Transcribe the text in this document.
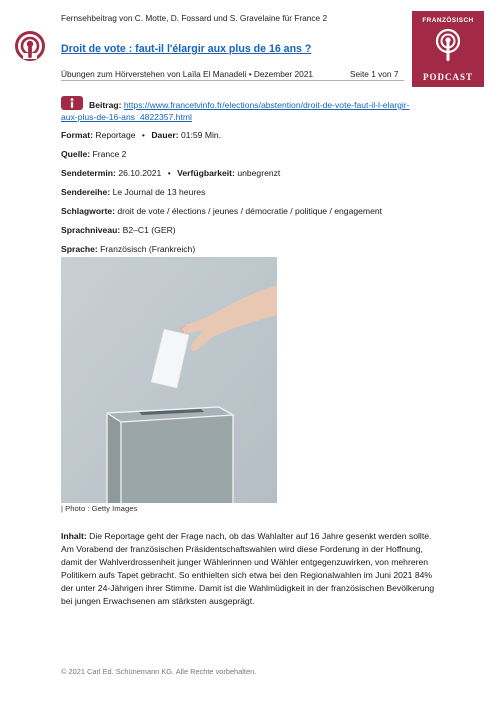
Fernsehbeitrag von C. Motte, D. Fossard und S. Gravelaine für France 2
Droit de vote : faut-il l'élargir aux plus de 16 ans ?
Übungen zum Hörverstehen von Laïla El Manadeli • Dezember 2021	Seite 1 von 7
FRANZÖSISCH
PODCAST
Beitrag: https://www.francetvinfo.fr/elections/abstention/droit-de-vote-faut-il-l-elargir-
aux-plus-de-16-ans_4822357.html
Format: Reportage • Dauer: 01:59 Min.
Quelle: France 2
Sendetermin: 26.10.2021 • Verfügbarkeit: unbegrenzt
Sendereihe: Le Journal de 13 heures
Schlagworte: droit de vote / élections / jeunes / démocratie / politique / engagement
Sprachniveau: B2–C1 (GER)
Sprache: Französisch (Frankreich)
| Photo : Getty Images
Inhalt: Die Reportage geht der Frage nach, ob das Wahlalter auf 16 Jahre gesenkt werden sollte. Am Vorabend der französischen Präsidentschaftswahlen wird diese Forderung in der Hoffnung, damit der Wahlverdrossenheit junger Wählerinnen und Wähler entgegenzuwirken, von mehreren Politikern aufs Tapet gebracht. So enthielten sich etwa bei den Regionalwahlen im Juni 2021 84% der unter 24-Jährigen ihrer Stimme. Damit ist die Wahlmüdigkeit in der französischen Bevölkerung bei jungen Erwachsenen am stärksten ausgeprägt.
© 2021 Carl Ed. Schünemann KG. Alle Rechte vorbehalten.
